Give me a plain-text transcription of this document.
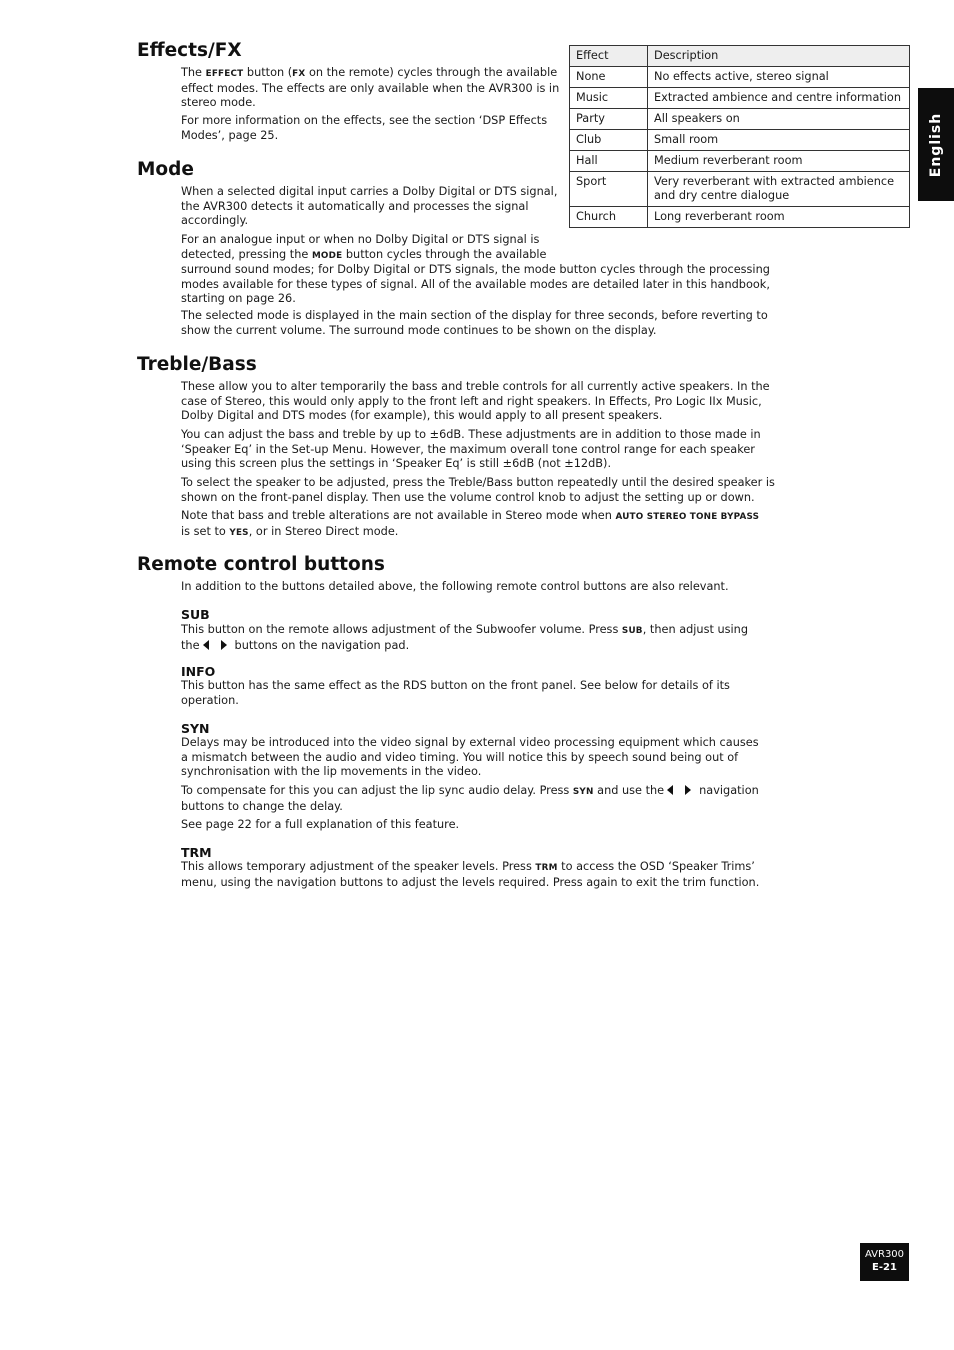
English
Effects/FX
The EFFECT button (FX on the remote) cycles through the available
effect modes. The effects are only available when the AVR300 is in
stereo mode.
For more information on the effects, see the section ‘DSP Effects
Modes’, page 25.
Effect	Description
None	No effects active, stereo signal
Music	Extracted ambience and centre information
Party	All speakers on
Club	Small room
Hall	Medium reverberant room
Sport	Very reverberant with extracted ambience
and dry centre dialogue
Church	Long reverberant room
Mode
When a selected digital input carries a Dolby Digital or DTS signal,
the AVR300 detects it automatically and processes the signal
accordingly.
For an analogue input or when no Dolby Digital or DTS signal is
detected, pressing the MODE button cycles through the available
surround sound modes; for Dolby Digital or DTS signals, the mode button cycles through the processing
modes available for these types of signal. All of the available modes are detailed later in this handbook,
starting on page 26.
The selected mode is displayed in the main section of the display for three seconds, before reverting to
show the current volume. The surround mode continues to be shown on the display.
Treble/Bass
These allow you to alter temporarily the bass and treble controls for all currently active speakers. In the
case of Stereo, this would only apply to the front left and right speakers. In Effects, Pro Logic IIx Music,
Dolby Digital and DTS modes (for example), this would apply to all present speakers.
You can adjust the bass and treble by up to ±6dB. These adjustments are in addition to those made in
‘Speaker Eq’ in the Set-up Menu. However, the maximum overall tone control range for each speaker
using this screen plus the settings in ‘Speaker Eq’ is still ±6dB (not ±12dB).
To select the speaker to be adjusted, press the Treble/Bass button repeatedly until the desired speaker is
shown on the front-panel display. Then use the volume control knob to adjust the setting up or down.
Note that bass and treble alterations are not available in Stereo mode when AUTO STEREO TONE BYPASS
is set to YES, or in Stereo Direct mode.
Remote control buttons
In addition to the buttons detailed above, the following remote control buttons are also relevant.
SUB
This button on the remote allows adjustment of the Subwoofer volume. Press SUB, then adjust using
the	buttons on the navigation pad.
INFO
This button has the same effect as the RDS button on the front panel. See below for details of its
operation.
SYN
Delays may be introduced into the video signal by external video processing equipment which causes
a mismatch between the audio and video timing. You will notice this by speech sound being out of
synchronisation with the lip movements in the video.
To compensate for this you can adjust the lip sync audio delay. Press SYN and use the	navigation
buttons to change the delay.
See page 22 for a full explanation of this feature.
TRM
This allows temporary adjustment of the speaker levels. Press TRM to access the OSD ‘Speaker Trims’
menu, using the navigation buttons to adjust the levels required. Press again to exit the trim function.
AVR300
E-21
